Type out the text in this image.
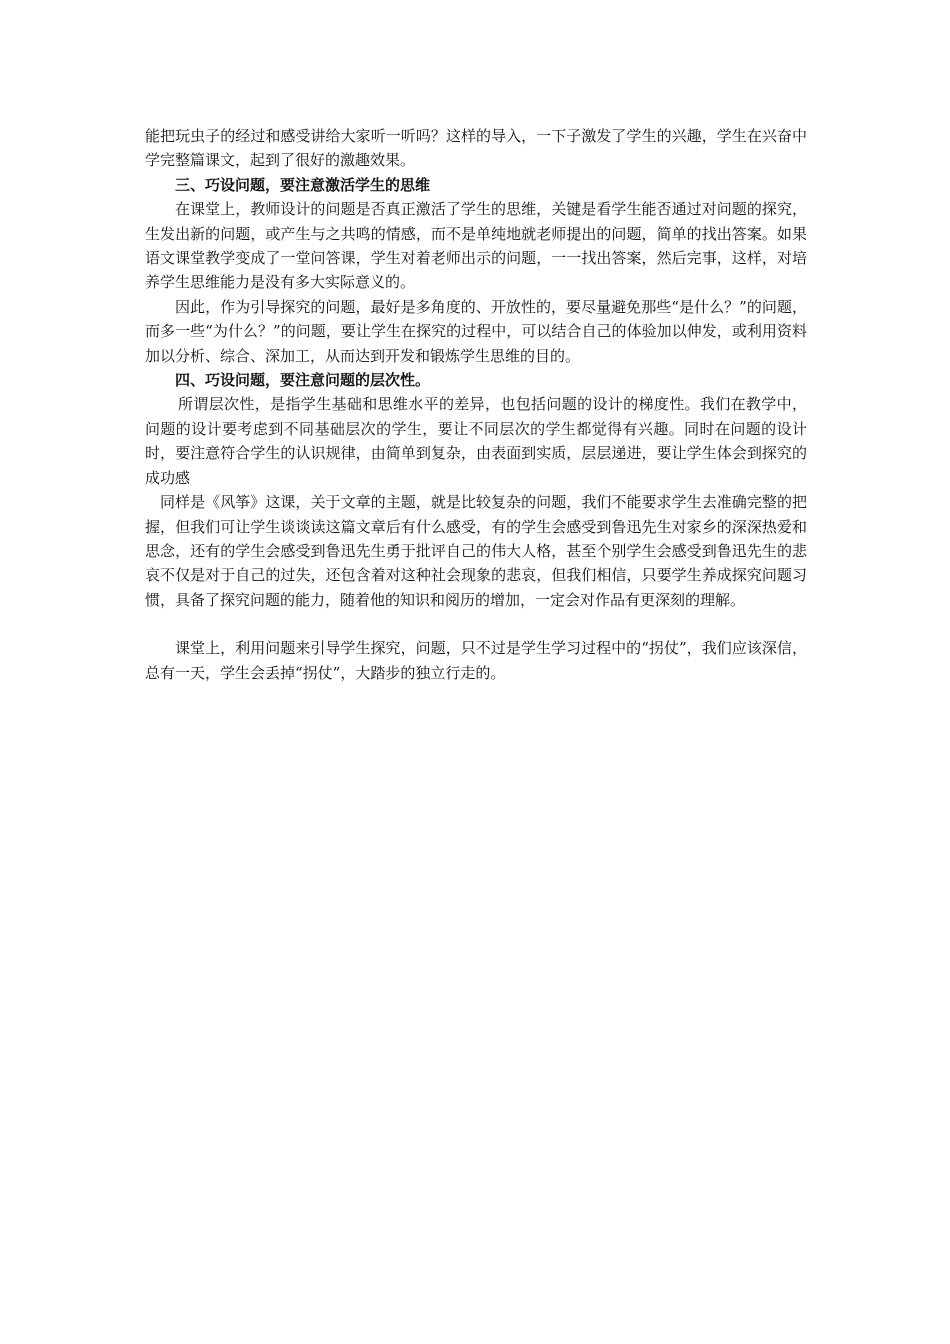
能把玩虫子的经过和感受讲给大家听一听吗？这样的导入，一下子激发了学生的兴趣，学生在兴奋中学完整篇课文，起到了很好的激趣效果。

三、巧设问题，要注意激活学生的思维

在课堂上，教师设计的问题是否真正激活了学生的思维，关键是看学生能否通过对问题的探究，生发出新的问题，或产生与之共鸣的情感，而不是单纯地就老师提出的问题，简单的找出答案。如果语文课堂教学变成了一堂问答课，学生对着老师出示的问题，一一找出答案，然后完事，这样，对培养学生思维能力是没有多大实际意义的。

因此，作为引导探究的问题，最好是多角度的、开放性的，要尽量避免那些“是什么？”的问题，而多一些“为什么？”的问题，要让学生在探究的过程中，可以结合自己的体验加以伸发，或利用资料加以分析、综合、深加工，从而达到开发和锻炼学生思维的目的。

四、巧设问题，要注意问题的层次性。

所谓层次性，是指学生基础和思维水平的差异，也包括问题的设计的梯度性。我们在教学中，问题的设计要考虑到不同基础层次的学生，要让不同层次的学生都觉得有兴趣。同时在问题的设计时，要注意符合学生的认识规律，由简单到复杂，由表面到实质，层层递进，要让学生体会到探究的成功感

同样是《风筝》这课，关于文章的主题，就是比较复杂的问题，我们不能要求学生去准确完整的把握，但我们可让学生谈谈读这篇文章后有什么感受，有的学生会感受到鲁迅先生对家乡的深深热爱和思念，还有的学生会感受到鲁迅先生勇于批评自己的伟大人格，甚至个别学生会感受到鲁迅先生的悲哀不仅是对于自己的过失，还包含着对这种社会现象的悲哀，但我们相信，只要学生养成探究问题习惯，具备了探究问题的能力，随着他的知识和阅历的增加，一定会对作品有更深刻的理解。

课堂上，利用问题来引导学生探究，问题，只不过是学生学习过程中的“拐仗”，我们应该深信，总有一天，学生会丢掉“拐仗”，大踏步的独立行走的。
